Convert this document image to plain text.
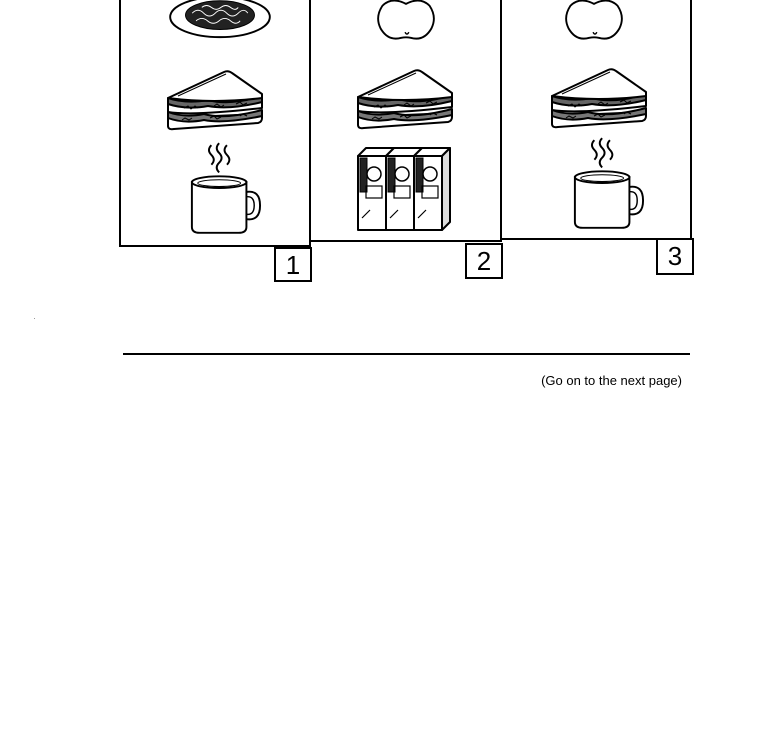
1	2	3
(Go on to the next page)
